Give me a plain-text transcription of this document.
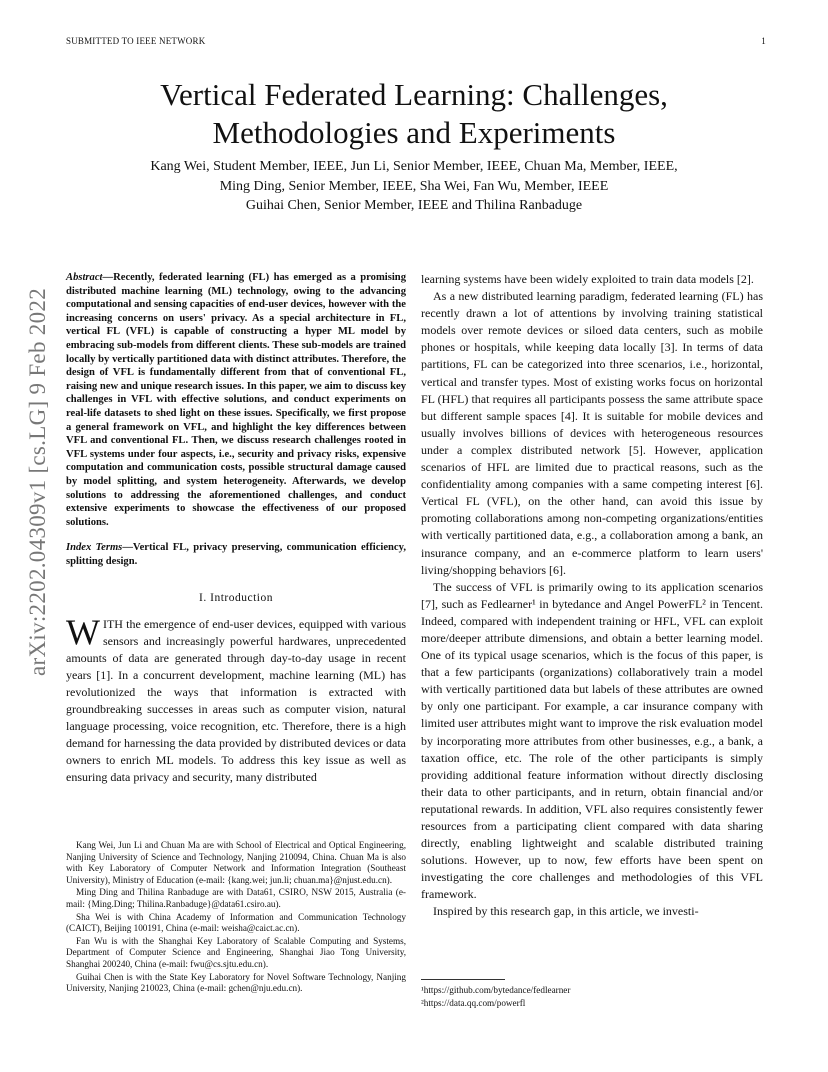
SUBMITTED TO IEEE NETWORK	1
Vertical Federated Learning: Challenges,
Methodologies and Experiments
Kang Wei, Student Member, IEEE, Jun Li, Senior Member, IEEE, Chuan Ma, Member, IEEE,
Ming Ding, Senior Member, IEEE, Sha Wei, Fan Wu, Member, IEEE
Guihai Chen, Senior Member, IEEE and Thilina Ranbaduge
arXiv:2202.04309v1 [cs.LG] 9 Feb 2022

Abstract—Recently, federated learning (FL) has emerged as a promising distributed machine learning (ML) technology, owing to the advancing computational and sensing capacities of end-user devices, however with the increasing concerns on users' privacy. As a special architecture in FL, vertical FL (VFL) is capable of constructing a hyper ML model by embracing sub-models from different clients. These sub-models are trained locally by vertically partitioned data with distinct attributes. Therefore, the design of VFL is fundamentally different from that of conventional FL, raising new and unique research issues. In this paper, we aim to discuss key challenges in VFL with effective solutions, and conduct experiments on real-life datasets to shed light on these issues. Specifically, we first propose a general framework on VFL, and highlight the key differences between VFL and conventional FL. Then, we discuss research challenges rooted in VFL systems under four aspects, i.e., security and privacy risks, expensive computation and communication costs, possible structural damage caused by model splitting, and system heterogeneity. Afterwards, we develop solutions to addressing the aforementioned challenges, and conduct extensive experiments to showcase the effectiveness of our proposed solutions.

Index Terms—Vertical FL, privacy preserving, communication efficiency, splitting design.

I. Introduction

WITH the emergence of end-user devices, equipped with various sensors and increasingly powerful hardwares, unprecedented amounts of data are generated through day-to-day usage in recent years [1]. In a concurrent development, machine learning (ML) has revolutionized the ways that information is extracted with groundbreaking successes in areas such as computer vision, natural language processing, voice recognition, etc. Therefore, there is a high demand for harnessing the data provided by distributed devices or data owners to enrich ML models. To address this key issue as well as ensuring data privacy and security, many distributed

learning systems have been widely exploited to train data models [2].

As a new distributed learning paradigm, federated learning (FL) has recently drawn a lot of attentions by involving training statistical models over remote devices or siloed data centers, such as mobile phones or hospitals, while keeping data locally [3]. In terms of data partitions, FL can be categorized into three scenarios, i.e., horizontal, vertical and transfer types. Most of existing works focus on horizontal FL (HFL) that requires all participants possess the same attribute space but different sample spaces [4]. It is suitable for mobile devices and usually involves billions of devices with heterogeneous resources under a complex distributed network [5]. However, application scenarios of HFL are limited due to practical reasons, such as the confidentiality among companies with a same competing interest [6]. Vertical FL (VFL), on the other hand, can avoid this issue by promoting collaborations among non-competing organizations/entities with vertically partitioned data, e.g., a collaboration among a bank, an insurance company, and an e-commerce platform to learn users' living/shopping behaviors [6].

The success of VFL is primarily owing to its application scenarios [7], such as Fedlearner¹ in bytedance and Angel PowerFL² in Tencent. Indeed, compared with independent training or HFL, VFL can exploit more/deeper attribute dimensions, and obtain a better learning model. One of its typical usage scenarios, which is the focus of this paper, is that a few participants (organizations) collaboratively train a model with vertically partitioned data but labels of these attributes are owned by only one participant. For example, a car insurance company with limited user attributes might want to improve the risk evaluation model by incorporating more attributes from other businesses, e.g., a bank, a taxation office, etc. The role of the other participants is simply providing additional feature information without directly disclosing their data to other participants, and in return, obtain financial and/or reputational rewards. In addition, VFL also requires consistently fewer resources from a participating client compared with data sharing directly, enabling lightweight and scalable distributed training solutions. However, up to now, few efforts have been spent on investigating the core challenges and methodologies of this VFL framework.

Inspired by this research gap, in this article, we investi-

Kang Wei, Jun Li and Chuan Ma are with School of Electrical and Optical Engineering, Nanjing University of Science and Technology, Nanjing 210094, China. Chuan Ma is also with Key Laboratory of Computer Network and Information Integration (Southeast University), Ministry of Education (e-mail: {kang.wei; jun.li; chuan.ma}@njust.edu.cn).

Ming Ding and Thilina Ranbaduge are with Data61, CSIRO, NSW 2015, Australia (e-mail: {Ming.Ding; Thilina.Ranbaduge}@data61.csiro.au).

Sha Wei is with China Academy of Information and Communication Technology (CAICT), Beijing 100191, China (e-mail: weisha@caict.ac.cn).

Fan Wu is with the Shanghai Key Laboratory of Scalable Computing and Systems, Department of Computer Science and Engineering, Shanghai Jiao Tong University, Shanghai 200240, China (e-mail: fwu@cs.sjtu.edu.cn).

Guihai Chen is with the State Key Laboratory for Novel Software Technology, Nanjing University, Nanjing 210023, China (e-mail: gchen@nju.edu.cn).	¹https://github.com/bytedance/fedlearner
²https://data.qq.com/powerfl
